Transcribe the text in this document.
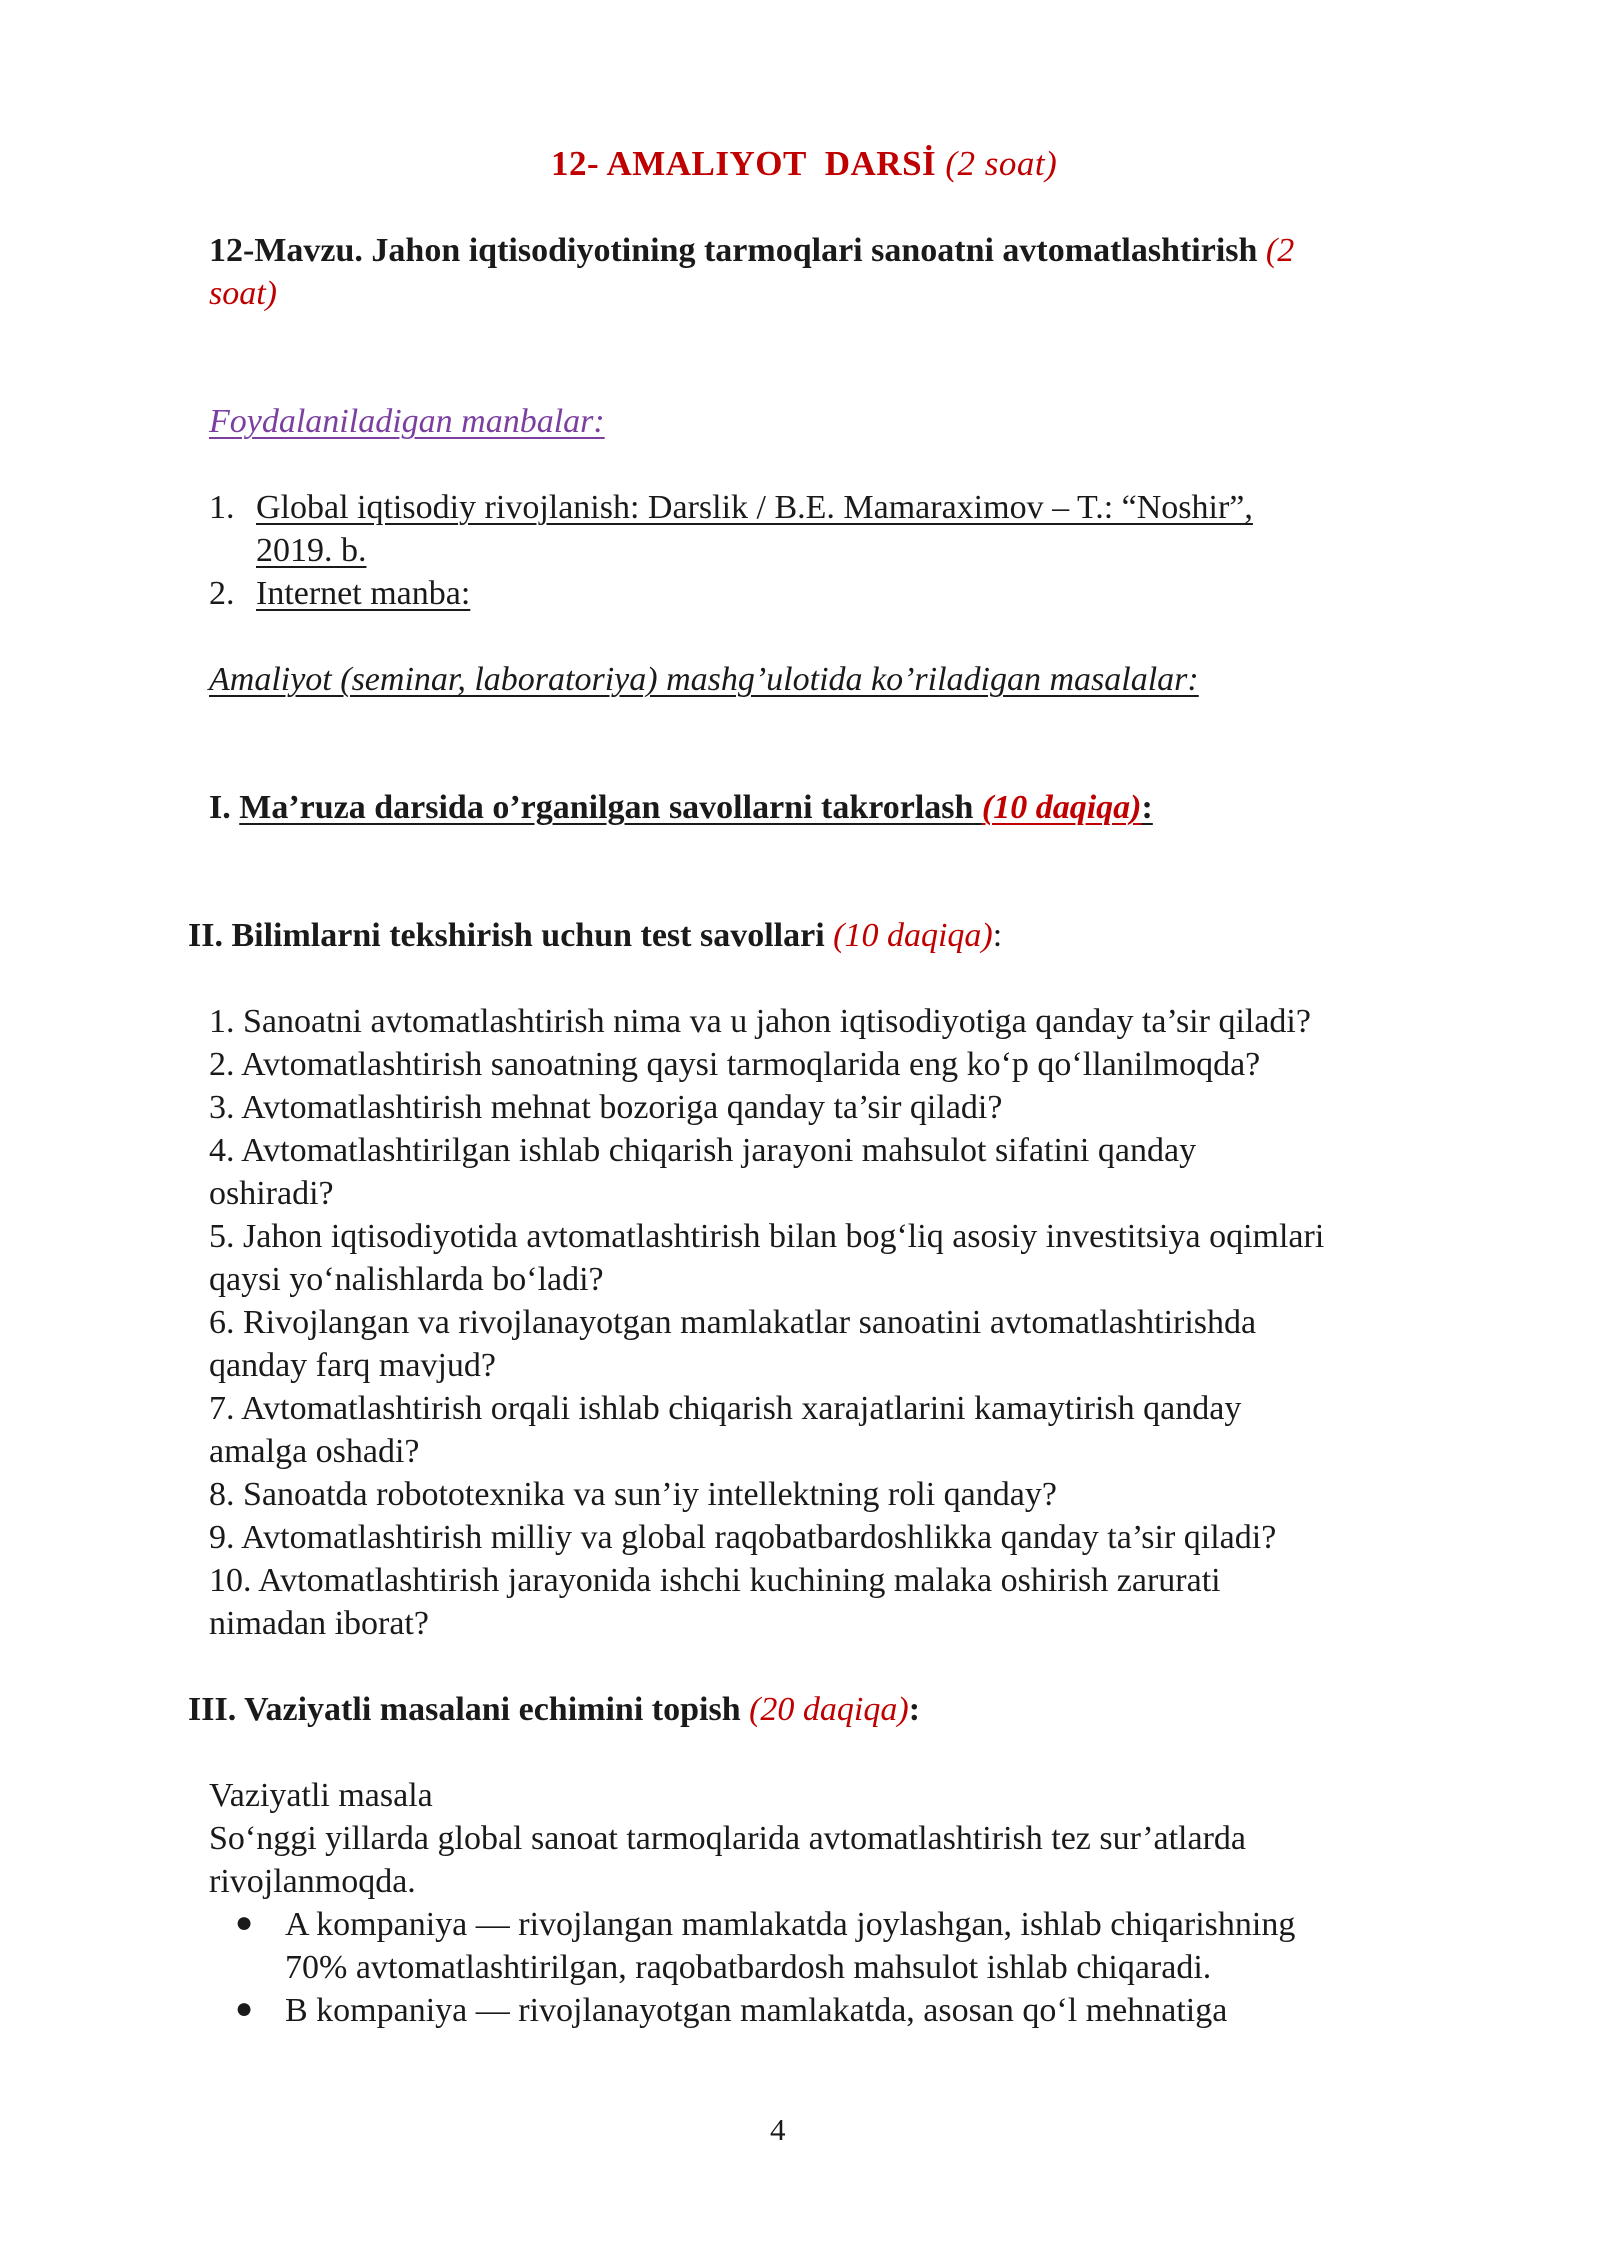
12- AMALIYOT  DARSİ (2 soat)
12-Mavzu. Jahon iqtisodiyotining tarmoqlari sanoatni avtomatlashtirish (2
soat)
Foydalaniladigan manbalar:
1. Global iqtisodiy rivojlanish: Darslik / B.E. Mamaraximov – T.: “Noshir”,
2019. b.
2. Internet manba:
Amaliyot (seminar, laboratoriya) mashg’ulotida ko’riladigan masalalar:
I. Ma’ruza darsida o’rganilgan savollarni takrorlash (10 daqiqa):
II. Bilimlarni tekshirish uchun test savollari (10 daqiqa):
1. Sanoatni avtomatlashtirish nima va u jahon iqtisodiyotiga qanday ta’sir qiladi?
2. Avtomatlashtirish sanoatning qaysi tarmoqlarida eng ko‘p qo‘llanilmoqda?
3. Avtomatlashtirish mehnat bozoriga qanday ta’sir qiladi?
4. Avtomatlashtirilgan ishlab chiqarish jarayoni mahsulot sifatini qanday
oshiradi?
5. Jahon iqtisodiyotida avtomatlashtirish bilan bog‘liq asosiy investitsiya oqimlari
qaysi yo‘nalishlarda bo‘ladi?
6. Rivojlangan va rivojlanayotgan mamlakatlar sanoatini avtomatlashtirishda
qanday farq mavjud?
7. Avtomatlashtirish orqali ishlab chiqarish xarajatlarini kamaytirish qanday
amalga oshadi?
8. Sanoatda robototexnika va sun’iy intellektning roli qanday?
9. Avtomatlashtirish milliy va global raqobatbardoshlikka qanday ta’sir qiladi?
10. Avtomatlashtirish jarayonida ishchi kuchining malaka oshirish zarurati
nimadan iborat?
III. Vaziyatli masalani echimini topish (20 daqiqa):
Vaziyatli masala
So‘nggi yillarda global sanoat tarmoqlarida avtomatlashtirish tez sur’atlarda
rivojlanmoqda.
● A kompaniya — rivojlangan mamlakatda joylashgan, ishlab chiqarishning
70% avtomatlashtirilgan, raqobatbardosh mahsulot ishlab chiqaradi.
● B kompaniya — rivojlanayotgan mamlakatda, asosan qo‘l mehnatiga
4
